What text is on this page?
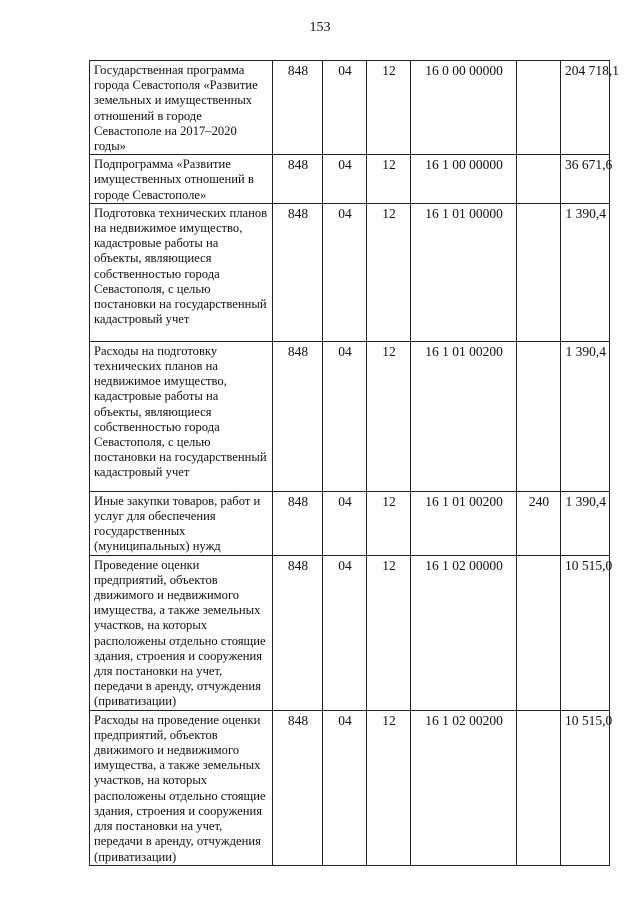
153
Государственная программа города Севастополя «Развитие земельных и имущественных отношений в городе Севастополе на 2017–2020 годы»	848	04	12	16 0 00 00000		204 718,1
Подпрограмма «Развитие имущественных отношений в городе Севастополе»	848	04	12	16 1 00 00000		36 671,6
Подготовка технических планов на недвижимое имущество, кадастровые работы на объекты, являющиеся собственностью города Севастополя, с целью постановки на государственный кадастровый учет	848	04	12	16 1 01 00000		1 390,4
Расходы на подготовку технических планов на недвижимое имущество, кадастровые работы на объекты, являющиеся собственностью города Севастополя, с целью постановки на государственный кадастровый учет	848	04	12	16 1 01 00200		1 390,4
Иные закупки товаров, работ и услуг для обеспечения государственных (муниципальных) нужд	848	04	12	16 1 01 00200	240	1 390,4
Проведение оценки предприятий, объектов движимого и недвижимого имущества, а также земельных участков, на которых расположены отдельно стоящие здания, строения и сооружения для постановки на учет, передачи в аренду, отчуждения (приватизации)	848	04	12	16 1 02 00000		10 515,0
Расходы на проведение оценки предприятий, объектов движимого и недвижимого имущества, а также земельных участков, на которых расположены отдельно стоящие здания, строения и сооружения для постановки на учет, передачи в аренду, отчуждения (приватизации)	848	04	12	16 1 02 00200		10 515,0
